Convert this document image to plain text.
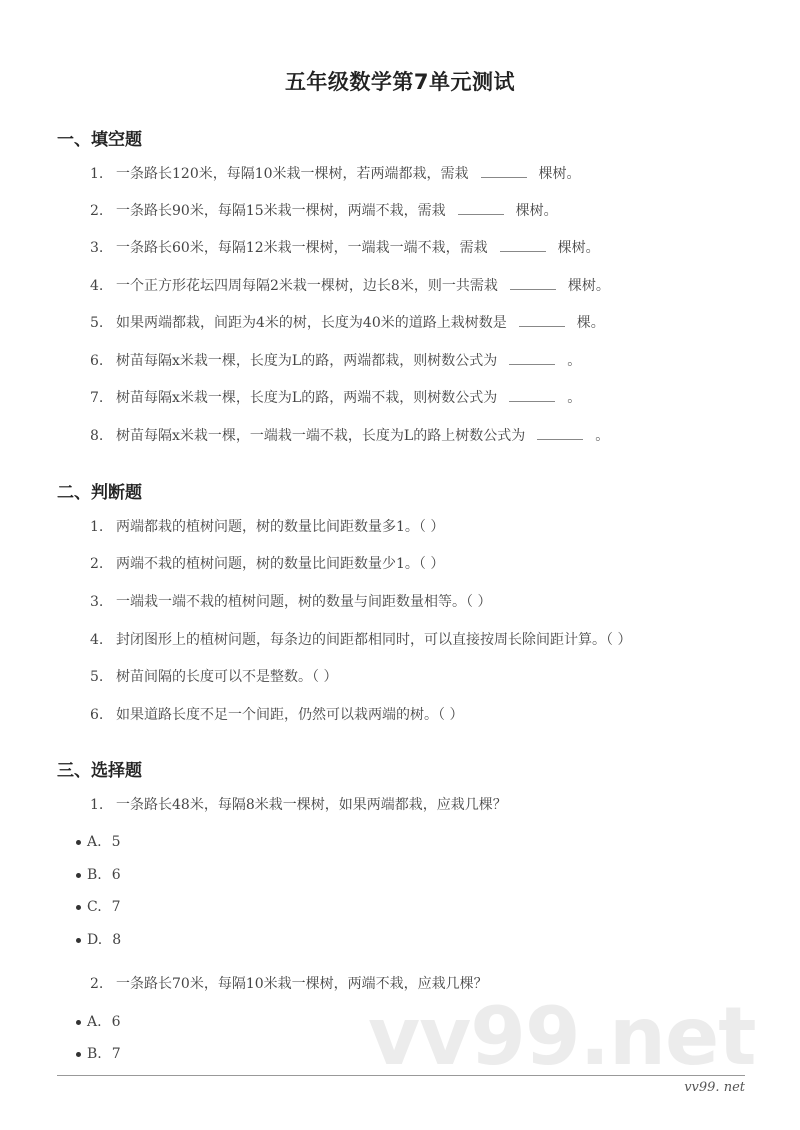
五年级数学第7单元测试
一、填空题
1. 一条路长120米，每隔10米栽一棵树，若两端都栽，需栽	棵树。
2. 一条路长90米，每隔15米栽一棵树，两端不栽，需栽	棵树。
3. 一条路长60米，每隔12米栽一棵树，一端栽一端不栽，需栽	棵树。
4. 一个正方形花坛四周每隔2米栽一棵树，边长8米，则一共需栽	棵树。
5. 如果两端都栽，间距为4米的树，长度为40米的道路上栽树数是	棵。
6. 树苗每隔x米栽一棵，长度为L的路，两端都栽，则树数公式为	。
7. 树苗每隔x米栽一棵，长度为L的路，两端不栽，则树数公式为	。
8. 树苗每隔x米栽一棵，一端栽一端不栽，长度为L的路上树数公式为	。
二、判断题
1. 两端都栽的植树问题，树的数量比间距数量多1。（ ）
2. 两端不栽的植树问题，树的数量比间距数量少1。（ ）
3. 一端栽一端不栽的植树问题，树的数量与间距数量相等。（ ）
4. 封闭图形上的植树问题，每条边的间距都相同时，可以直接按周长除间距计算。（ ）
5. 树苗间隔的长度可以不是整数。（ ）
6. 如果道路长度不足一个间距，仍然可以栽两端的树。（ ）
三、选择题
1. 一条路长48米，每隔8米栽一棵树，如果两端都栽，应栽几棵？
A. 5
B. 6
C. 7
D. 8
vv99.net
2. 一条路长70米，每隔10米栽一棵树，两端不栽，应栽几棵？
A. 6
B. 7
vv99. net
